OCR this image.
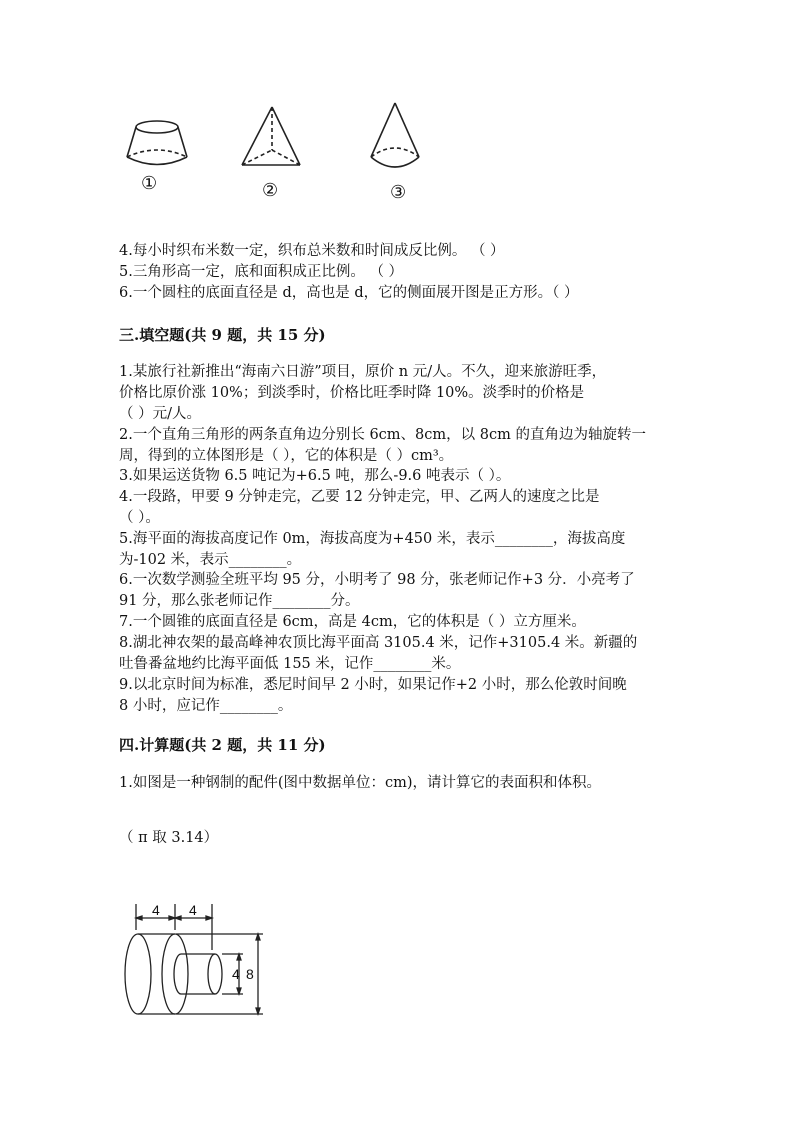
①	②	③
4.每小时织布米数一定，织布总米数和时间成反比例。 （ ）
5.三角形高一定，底和面积成正比例。 （ ）
6.一个圆柱的底面直径是 d，高也是 d，它的侧面展开图是正方形。（ ）
三.填空题(共 9 题，共 15 分)
1.某旅行社新推出“海南六日游”项目，原价 n 元/人。不久，迎来旅游旺季，
价格比原价涨 10%；到淡季时，价格比旺季时降 10%。淡季时的价格是
（ ）元/人。
2.一个直角三角形的两条直角边分别长 6cm、8cm，以 8cm 的直角边为轴旋转一
周，得到的立体图形是（ ），它的体积是（ ）cm³。
3.如果运送货物 6.5 吨记为+6.5 吨，那么-9.6 吨表示（ ）。
4.一段路，甲要 9 分钟走完，乙要 12 分钟走完，甲、乙两人的速度之比是
（ ）。
5.海平面的海拔高度记作 0m，海拔高度为+450 米，表示________，海拔高度
为-102 米，表示________。
6.一次数学测验全班平均 95 分，小明考了 98 分，张老师记作+3 分．小亮考了
91 分，那么张老师记作________分。
7.一个圆锥的底面直径是 6cm，高是 4cm，它的体积是（ ）立方厘米。
8.湖北神农架的最高峰神农顶比海平面高 3105.4 米，记作+3105.4 米。新疆的
吐鲁番盆地约比海平面低 155 米，记作________米。
9.以北京时间为标准，悉尼时间早 2 小时，如果记作+2 小时，那么伦敦时间晚
8 小时，应记作________。
四.计算题(共 2 题，共 11 分)
1.如图是一种钢制的配件(图中数据单位：cm)，请计算它的表面积和体积。
（ π 取 3.14）
4 4
4 8
